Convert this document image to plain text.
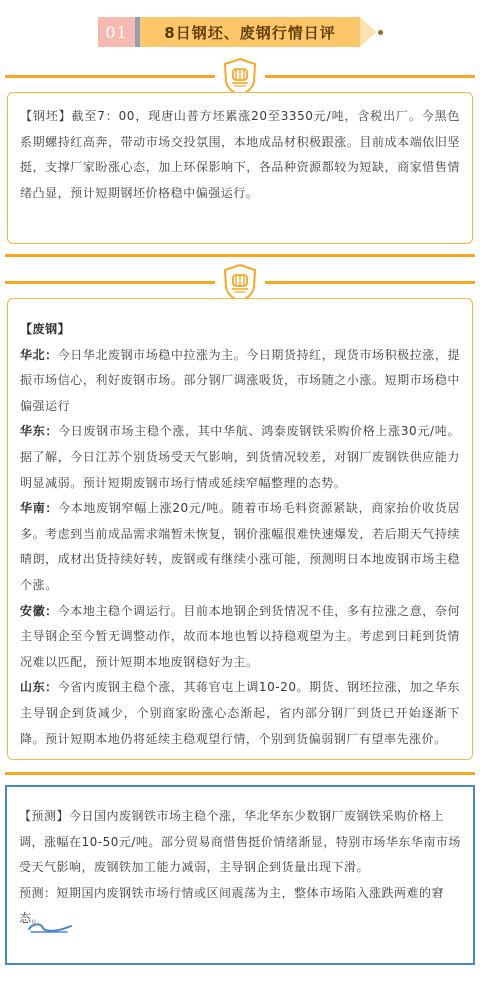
01	8日钢坯、废钢行情日评

【钢坯】截至7：00，现唐山普方坯累涨20至3350元/吨，含税出厂。今黑色系期螺持红高奔，带动市场交投氛围，本地成品材积极跟涨。目前成本端依旧坚挺，支撑厂家盼涨心态，加上环保影响下，各品种资源都较为短缺，商家惜售情绪凸显，预计短期钢坯价格稳中偏强运行。

【废钢】

华北：今日华北废钢市场稳中拉涨为主。今日期货持红，现货市场积极拉涨，提振市场信心，利好废钢市场。部分钢厂调涨吸货，市场随之小涨。短期市场稳中偏强运行

华东：今日废钢市场主稳个涨，其中华航、鸿泰废钢铁采购价格上涨30元/吨。据了解，今日江苏个别货场受天气影响，到货情况较差，对钢厂废钢铁供应能力明显减弱。预计短期废钢市场行情或延续窄幅整理的态势。

华南：今本地废钢窄幅上涨20元/吨。随着市场毛料资源紧缺，商家抬价收货居多。考虑到当前成品需求端暂未恢复，钢价涨幅很难快速爆发，若后期天气持续晴朗，成材出货持续好转，废钢或有继续小涨可能，预测明日本地废钢市场主稳个涨。

安徽：今本地主稳个调运行。目前本地钢企到货情况不佳，多有拉涨之意，奈何主导钢企至今暂无调整动作，故而本地也暂以持稳观望为主。考虑到日耗到货情况难以匹配，预计短期本地废钢稳好为主。

山东：今省内废钢主稳个涨，其蒋官屯上调10-20。期货、钢坯拉涨，加之华东主导钢企到货减少，个别商家盼涨心态渐起，省内部分钢厂到货已开始逐渐下降。预计短期本地仍将延续主稳观望行情，个别到货偏弱钢厂有望率先涨价。

【预测】今日国内废钢铁市场主稳个涨，华北华东少数钢厂废钢铁采购价格上调，涨幅在10-50元/吨。部分贸易商惜售挺价情绪渐显，特别市场华东华南市场受天气影响，废钢铁加工能力减弱，主导钢企到货量出现下滑。

预测：短期国内废钢铁市场行情或区间震荡为主，整体市场陷入涨跌两难的窘态。
